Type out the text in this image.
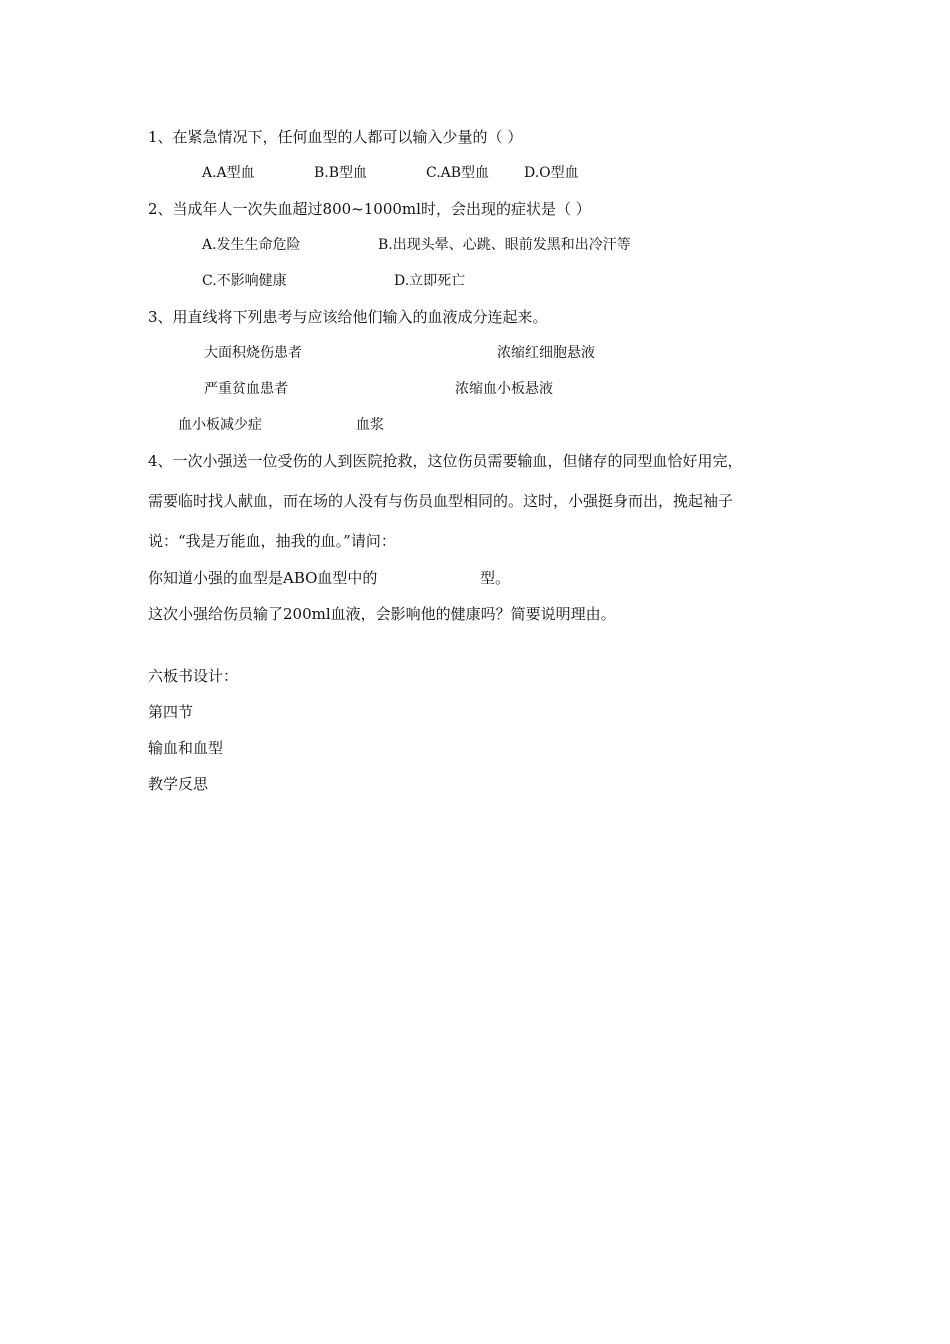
1、在紧急情况下，任何血型的人都可以输入少量的（ ）
A.A型血	B.B型血	C.AB型血 D.O型血
2、当成年人一次失血超过800~1000ml时，会出现的症状是（ ）
A.发生生命危险	B.出现头晕、心跳、眼前发黑和出冷汗等
C.不影响健康	D.立即死亡
3、用直线将下列患考与应该给他们输入的血液成分连起来。
大面积烧伤患者	浓缩红细胞悬液
严重贫血患者	浓缩血小板悬液
血小板减少症	血浆
4、一次小强送一位受伤的人到医院抢救，这位伤员需要输血，但储存的同型血恰好用完，
需要临时找人献血，而在场的人没有与伤员血型相同的。这时，小强挺身而出，挽起袖子
说：“我是万能血，抽我的血。”请问：
你知道小强的血型是ABO血型中的	型。
这次小强给伤员输了200ml血液，会影响他的健康吗？简要说明理由。
六板书设计：
第四节
输血和血型
教学反思
